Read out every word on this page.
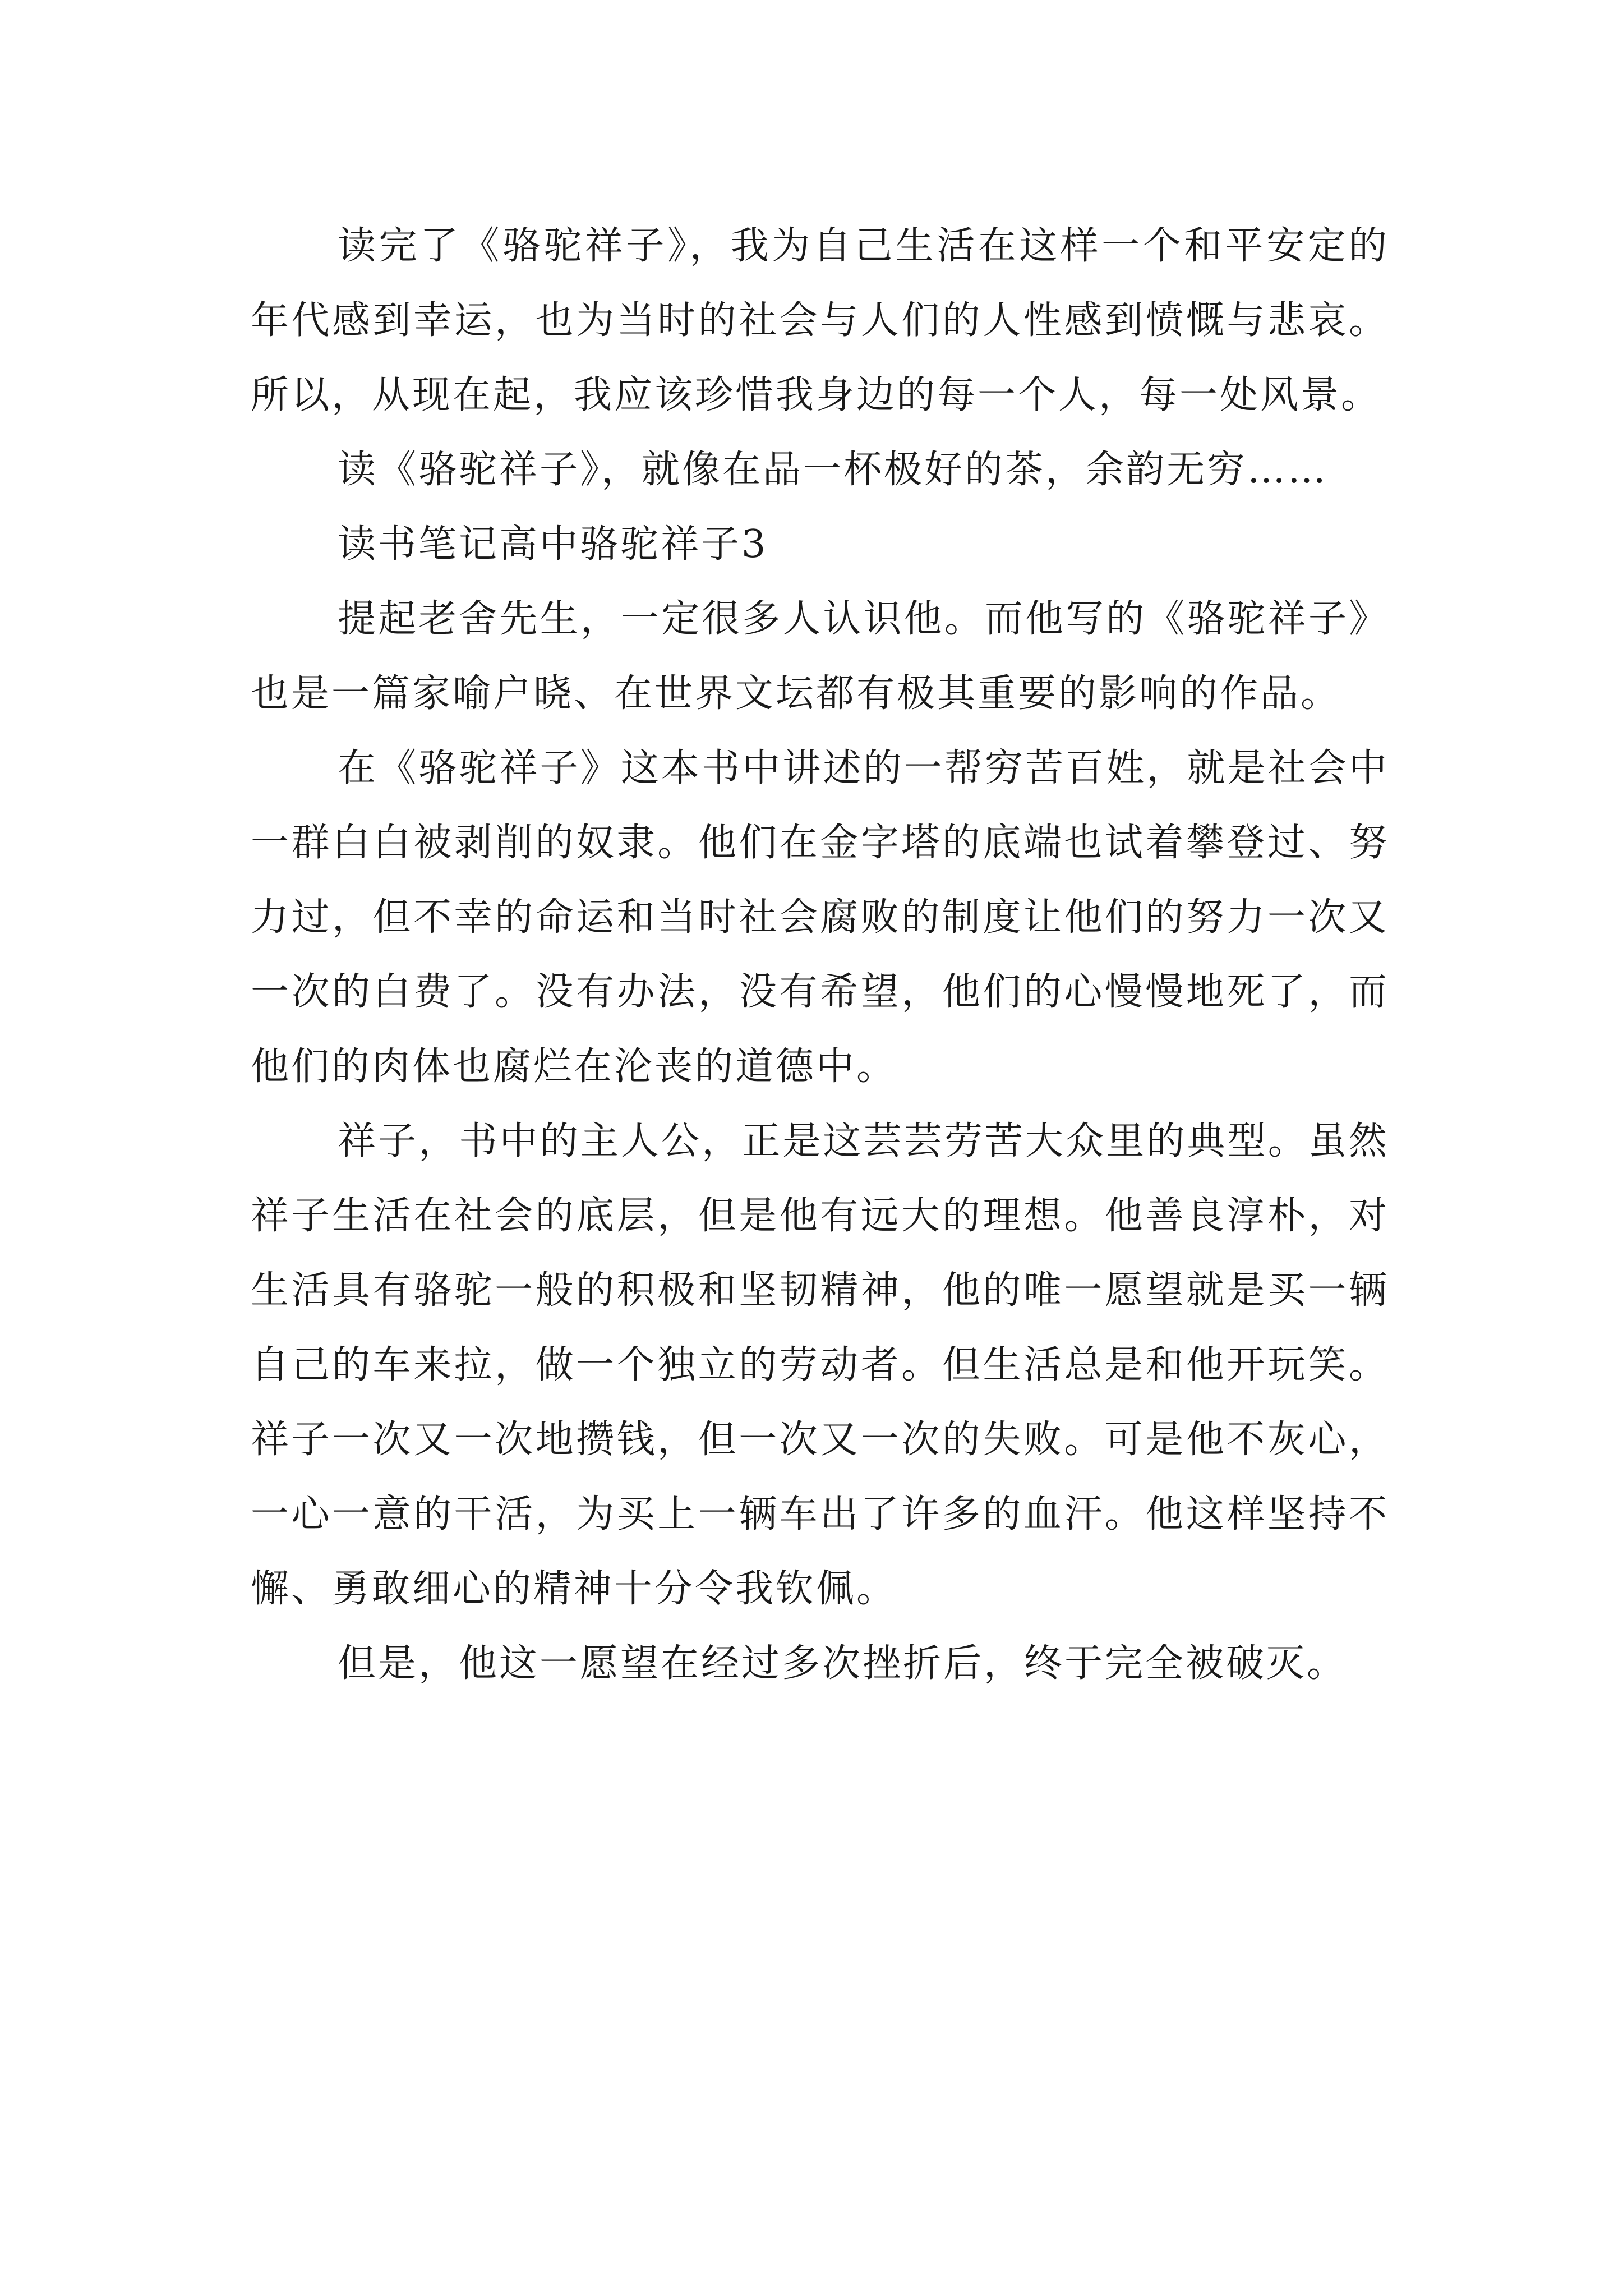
读完了《骆驼祥子》，我为自己生活在这样一个和平安定的年代感到幸运，也为当时的社会与人们的人性感到愤慨与悲哀。所以，从现在起，我应该珍惜我身边的每一个人，每一处风景。

读《骆驼祥子》，就像在品一杯极好的茶，余韵无穷……

读书笔记高中骆驼祥子3

提起老舍先生，一定很多人认识他。而他写的《骆驼祥子》也是一篇家喻户晓、在世界文坛都有极其重要的影响的作品。

在《骆驼祥子》这本书中讲述的一帮穷苦百姓，就是社会中一群白白被剥削的奴隶。他们在金字塔的底端也试着攀登过、努力过，但不幸的命运和当时社会腐败的制度让他们的努力一次又一次的白费了。没有办法，没有希望，他们的心慢慢地死了，而他们的肉体也腐烂在沦丧的道德中。

祥子，书中的主人公，正是这芸芸劳苦大众里的典型。虽然祥子生活在社会的底层，但是他有远大的理想。他善良淳朴，对生活具有骆驼一般的积极和坚韧精神，他的唯一愿望就是买一辆自己的车来拉，做一个独立的劳动者。但生活总是和他开玩笑。祥子一次又一次地攒钱，但一次又一次的失败。可是他不灰心，一心一意的干活，为买上一辆车出了许多的血汗。他这样坚持不懈、勇敢细心的精神十分令我钦佩。

但是，他这一愿望在经过多次挫折后，终于完全被破灭。
